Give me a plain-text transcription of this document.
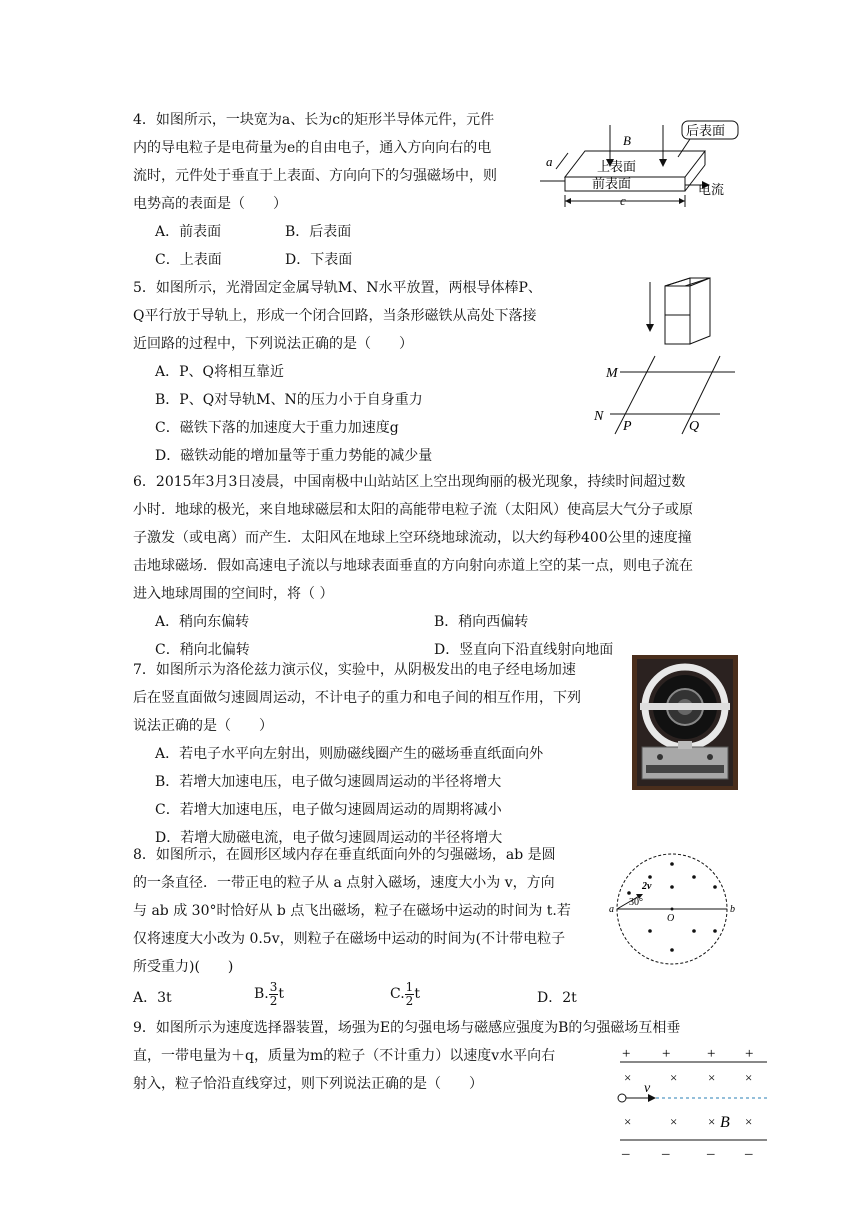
4．如图所示，一块宽为a、长为c的矩形半导体元件，元件
内的导电粒子是电荷量为e的自由电子，通入方向向右的电
流时，元件处于垂直于上表面、方向向下的匀强磁场中，则
电势高的表面是（　　）
A．前表面	B．后表面
C．上表面	D．下表面
B
后表面
上表面
前表面
a
电流
c
5．如图所示，光滑固定金属导轨M、N水平放置，两根导体棒P、
Q平行放于导轨上，形成一个闭合回路，当条形磁铁从高处下落接
近回路的过程中，下列说法正确的是（　　）
A．P、Q将相互靠近
B．P、Q对导轨M、N的压力小于自身重力
C．磁铁下落的加速度大于重力加速度g
D．磁铁动能的增加量等于重力势能的减少量
M
N
P	Q
6．2015年3月3日凌晨，中国南极中山站站区上空出现绚丽的极光现象，持续时间超过数
小时．地球的极光，来自地球磁层和太阳的高能带电粒子流（太阳风）使高层大气分子或原
子激发（或电离）而产生．太阳风在地球上空环绕地球流动，以大约每秒400公里的速度撞
击地球磁场．假如高速电子流以与地球表面垂直的方向射向赤道上空的某一点，则电子流在
进入地球周围的空间时，将（ ）
A．稍向东偏转	B．稍向西偏转
C．稍向北偏转	D．竖直向下沿直线射向地面
7．如图所示为洛伦兹力演示仪，实验中，从阴极发出的电子经电场加速
后在竖直面做匀速圆周运动，不计电子的重力和电子间的相互作用，下列
说法正确的是（　　）
A．若电子水平向左射出，则励磁线圈产生的磁场垂直纸面向外
B．若增大加速电压，电子做匀速圆周运动的半径将增大
C．若增大加速电压，电子做匀速圆周运动的周期将减小
D．若增大励磁电流，电子做匀速圆周运动的半径将增大
8．如图所示，在圆形区域内存在垂直纸面向外的匀强磁场，ab 是圆
的一条直径．一带正电的粒子从 a 点射入磁场，速度大小为 v，方向
与 ab 成 30°时恰好从 b 点飞出磁场，粒子在磁场中运动的时间为 t.若
仅将速度大小改为 0.5v，则粒子在磁场中运动的时间为(不计带电粒子
所受重力)(　　)
A．3t	B. $\frac{3}{2}$ t	C. $\frac{1}{2}$ t	D．2t
a	b
O
2v
30°
9．如图所示为速度选择器装置，场强为E的匀强电场与磁感应强度为B的匀强磁场互相垂
直，一带电量为＋q，质量为m的粒子（不计重力）以速度v水平向右
射入，粒子恰沿直线穿过，则下列说法正确的是（　　）
+ + + +
×	× × ×
v
×	× × B ×
– –	– –
